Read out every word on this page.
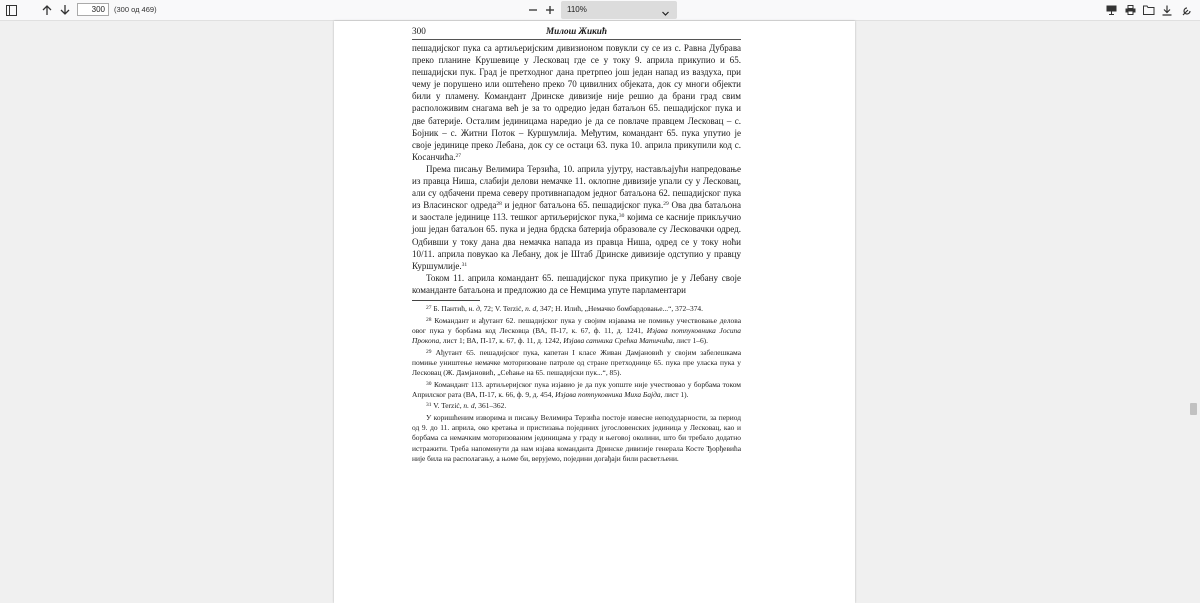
300	(300 од 469)	110%
300	Милош Жикић

пешадијског пука са артиљеријским дивизионом повукли су се из с. Равна Дубрава преко планине Крушевице у Лесковац где се у току 9. априла прикупио и 65. пешадијски пук. Град је претходног дана претрпео још један напад из ваздуха, при чему је порушено или оштећено преко 70 цивилних објеката, док су многи објекти били у пламену. Командант Дринске дивизије није решио да брани град свим расположивим снагама већ је за то одредио један батаљон 65. пешадијског пука и две батерије. Осталим јединицама наредио је да се повлаче правцем Лесковац – с. Бојник – с. Житни Поток – Куршумлија. Међутим, командант 65. пука упутио је своје јединице преко Лебана, док су се остаци 63. пука 10. априла прикупили код с. Косанчића.$^{27}$

Према писању Велимира Терзића, 10. априла ујутру, настављајући напредовање из правца Ниша, слабији делови немачке 11. оклопне дивизије упали су у Лесковац, али су одбачени према северу противнападом једног батаљона 62. пешадијског пука из Власинског одреда$^{28}$ и једног батаљона 65. пешадијског пука.$^{29}$ Ова два батаљона и заостале јединице 113. тешког артиљеријског пука,$^{30}$ којима се касније прикључио још један батаљон 65. пука и једна брдска батерија образовале су Лесковачки одред. Одбивши у току дана два немачка напада из правца Ниша, одред се у току ноћи 10/11. априла повукао ка Лебану, док је Штаб Дринске дивизије одступио у правцу Куршумлије.$^{31}$

Током 11. априла командант 65. пешадијског пука прикупио је у Лебану своје команданте батаљона и предложио да се Немцима упуте парламентари

$^{27}$ Б. Пантић, н. д, 72; V. Terzić, n. d, 347; Н. Илић, „Немачко бомбардовање...“, 372–374.

$^{28}$ Командант и ађутант 62. пешадијског пука у својим изјавама не помињу учествовање делова овог пука у борбама код Лесковца (ВА, П-17, к. 67, ф. 11, д. 1241, Изјава потпуковника Јосипа Прокопа, лист 1; ВА, П-17, к. 67, ф. 11, д. 1242, Изјава сатника Срећка Матичића, лист 1–6).

$^{29}$ Ађутант 65. пешадијског пука, капетан I класе Живан Дамјановић у својим забелешкама помиње уништење немачке моторизоване патроле од стране претходнице 65. пука пре уласка пука у Лесковац (Ж. Дамјановић, „Сећање на 65. пешадијски пук...“, 85).

$^{30}$ Командант 113. артиљеријског пука изјавио је да пук уопште није учествовао у борбама током Априлског рата (ВА, П-17, к. 66, ф. 9, д. 454, Изјава потпуковника Миха Бајда, лист 1).

$^{31}$ V. Terzić, n. d, 361–362.

У коришћеним изворима и писању Велимира Терзића постоје извесне неподударности, за период од 9. до 11. априла, око кретања и пристизања појединих југословенских јединица у Лесковац, као и борбама са немачким моторизованим јединицама у граду и његовој околини, што би требало додатно истражити. Треба напоменути да нам изјава команданта Дринске дивизије генерала Косте Ђорђевића није била на располагању, а њоме би, верујемо, поједини догађаји били расветљени.
